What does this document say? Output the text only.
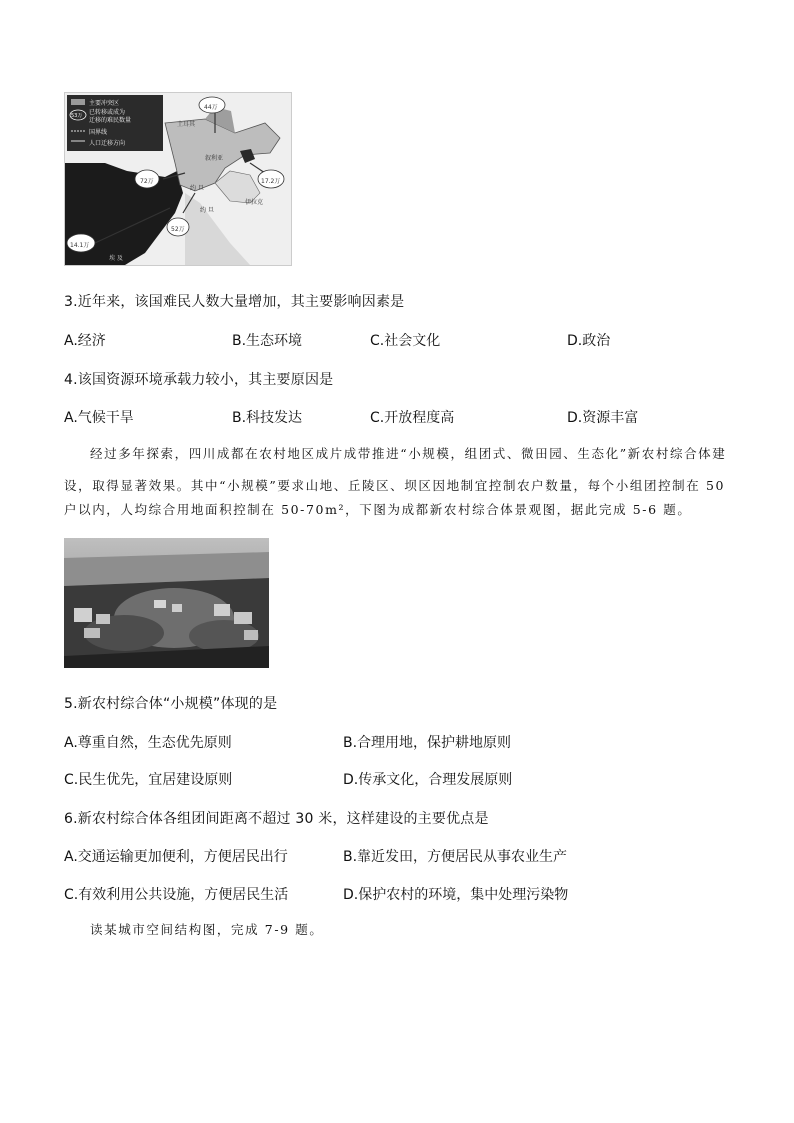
主要冲突区
已转移或成为
迁移的难民数量
国界线
人口迁移方向
53万
44万
72万	17.2万
52万
14.1万
土耳其
叙利亚
伊拉克
约 旦
约 旦
埃 及
3.近年来，该国难民人数大量增加，其主要影响因素是
A.经济	B.生态环境	C.社会文化	D.政治
4.该国资源环境承载力较小，其主要原因是
A.气候干旱	B.科技发达	C.开放程度高	D.资源丰富
经过多年探索，四川成都在农村地区成片成带推进“小规模，组团式、微田园、生态化”新农村综合体建
设，取得显著效果。其中“小规模”要求山地、丘陵区、坝区因地制宜控制农户数量，每个小组团控制在 50
户以内，人均综合用地面积控制在 50-70m²，下图为成都新农村综合体景观图，据此完成 5-6 题。
5.新农村综合体“小规模”体现的是
A.尊重自然，生态优先原则	B.合理用地，保护耕地原则
C.民生优先，宜居建设原则	D.传承文化，合理发展原则
6.新农村综合体各组团间距离不超过 30 米，这样建设的主要优点是
A.交通运输更加便利，方便居民出行	B.靠近发田，方便居民从事农业生产
C.有效利用公共设施，方便居民生活	D.保护农村的环境，集中处理污染物
读某城市空间结构图，完成 7-9 题。
